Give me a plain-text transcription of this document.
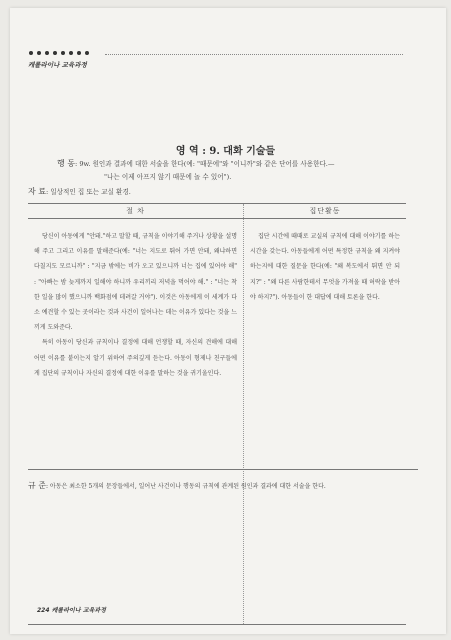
캐롤라이나 교육과정
영 역 : 9. 대화 기술들
행 동: 9w. 원인과 결과에 대한 서술을 한다(예: "때문에"와 "이니까"와 같은 단어를 사용한다.—
"나는 이제 아프지 않기 때문에 놀 수 있어").
자 료: 일상적인 집 또는 교실 환경.
절 차	집단활동

당신이 아동에게 "안돼."하고 말할 때, 규칙을 이야기해 주거나 상황을 설명해 주고 그리고 이유를 말해준다(예: "너는 지도로 뛰어 가면 안돼, 왜냐하면 다칠지도 모르니까" : "지금 밖에는 비가 오고 있으니까 너는 집에 있어야 해" : "아빠는 밤 늦게까지 일해야 하니까 우리끼리 저녁을 먹어야 해." : "너는 착한 일을 많이 했으니까 백화점에 데려갈 거야"). 이것은 아동에게 이 세계가 다소 예견할 수 있는 곳이라는 것과 사건이 일어나는 데는 이유가 있다는 것을 느끼게 도와준다.
특히 아동이 당신과 규칙이나 결정에 대해 언쟁할 때, 자신의 견해에 대해 어떤 이유를 붙이는지 알기 위하여 주의깊게 듣는다. 아동이 형제나 친구들에게 집단의 규칙이나 자신의 결정에 대한 이유를 말하는 것을 귀기울인다.	집단 시간에 때때로 교실의 규칙에 대해 이야기를 하는 시간을 갖는다. 아동들에게 어떤 특정한 규칙을 왜 지켜야 하는지에 대한 질문을 한다(예: "왜 복도에서 뛰면 안 되지?" : "왜 다른 사람한테서 무엇을 가져올 때 허락을 받아야 하지?"). 아동들이 한 대답에 대해 토론을 한다.
규 준: 아동은 최소한 5개의 문장들에서, 일어난 사건이나 행동의 규칙에 관계된 원인과 결과에 대한 서술을 한다.
224 캐롤라이나 교육과정
